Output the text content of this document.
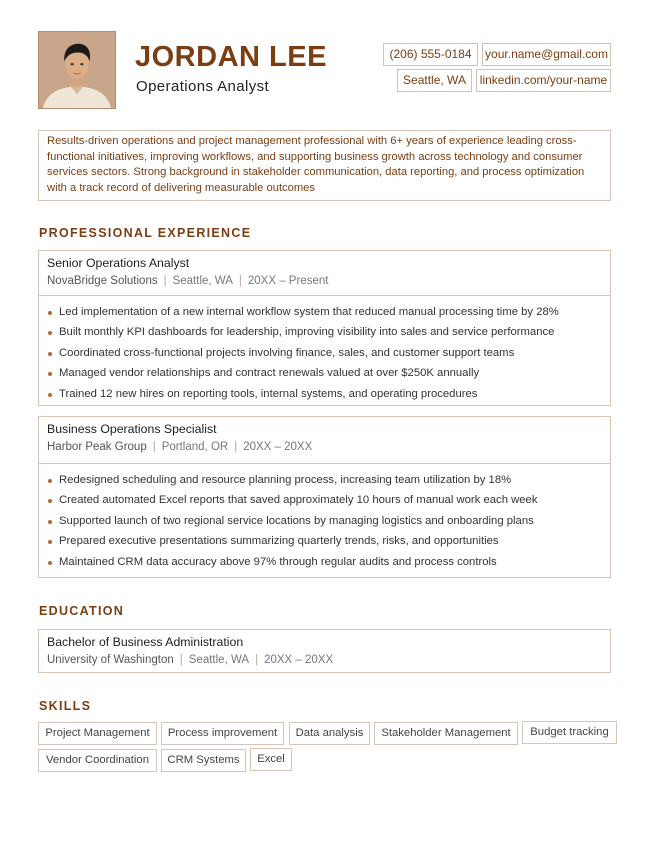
JORDAN LEE
Operations Analyst
(206) 555-0184	your.name@gmail.com
Seattle, WA	linkedin.com/your-name
Results-driven operations and project management professional with 6+ years of experience leading cross-functional initiatives, improving workflows, and supporting business growth across technology and consumer services sectors. Strong background in stakeholder communication, data reporting, and process optimization with a track record of delivering measurable outcomes
PROFESSIONAL EXPERIENCE
Senior Operations Analyst
NovaBridge Solutions | Seattle, WA | 20XX – Present
Led implementation of a new internal workflow system that reduced manual processing time by 28%
Built monthly KPI dashboards for leadership, improving visibility into sales and service performance
Coordinated cross-functional projects involving finance, sales, and customer support teams
Managed vendor relationships and contract renewals valued at over $250K annually
Trained 12 new hires on reporting tools, internal systems, and operating procedures
Business Operations Specialist
Harbor Peak Group | Portland, OR | 20XX – 20XX
Redesigned scheduling and resource planning process, increasing team utilization by 18%
Created automated Excel reports that saved approximately 10 hours of manual work each week
Supported launch of two regional service locations by managing logistics and onboarding plans
Prepared executive presentations summarizing quarterly trends, risks, and opportunities
Maintained CRM data accuracy above 97% through regular audits and process controls
EDUCATION
Bachelor of Business Administration
University of Washington | Seattle, WA | 20XX – 20XX
SKILLS
Project Management	Process improvement	Data analysis	Stakeholder Management	Budget tracking
Vendor Coordination	CRM Systems	Excel
